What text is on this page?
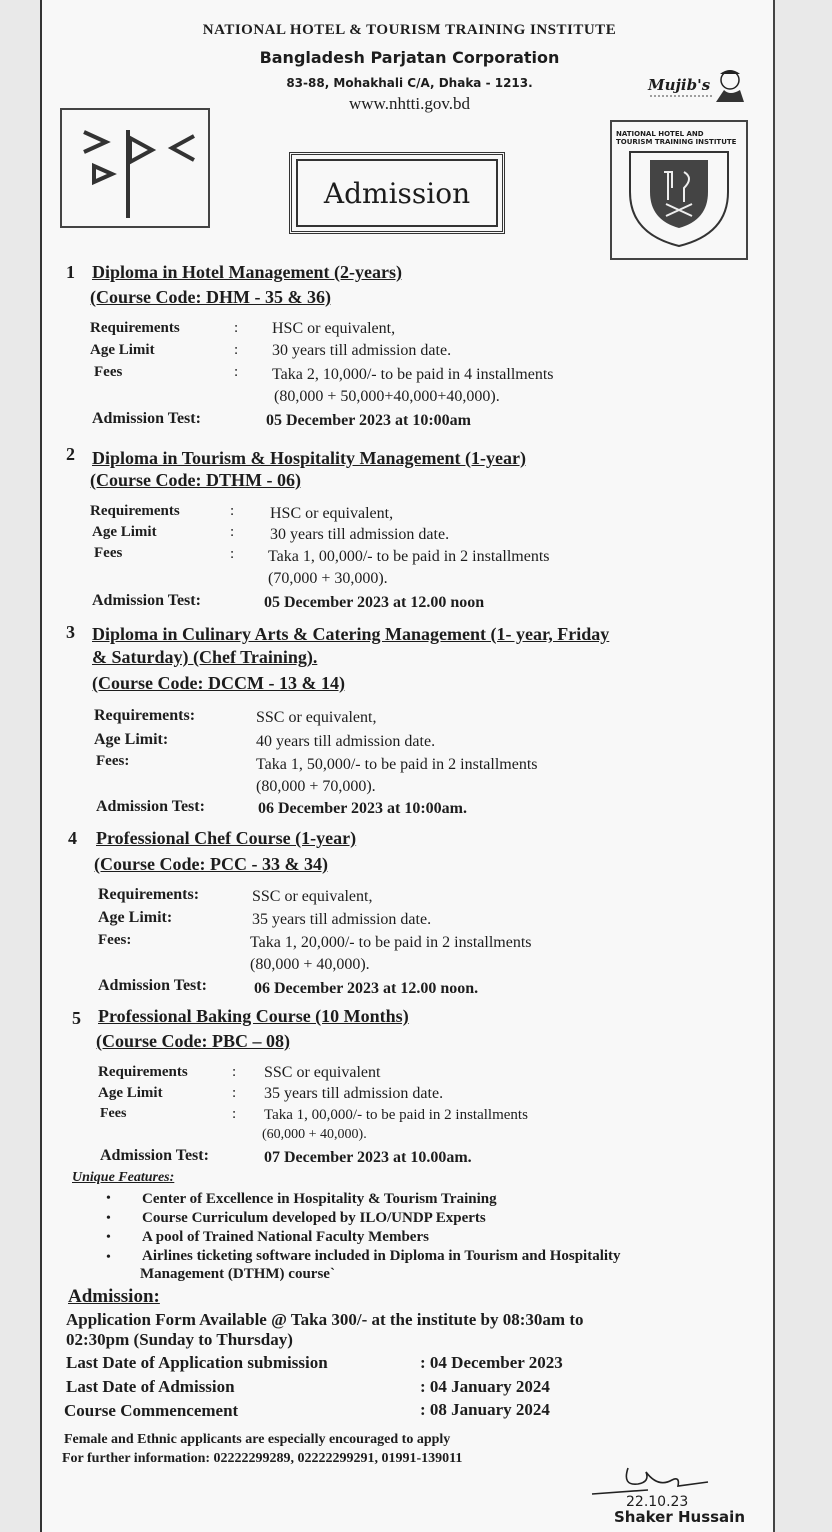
NATIONAL HOTEL & TOURISM TRAINING INSTITUTE
Bangladesh Parjatan Corporation
83-88, Mohakhali C/A, Dhaka - 1213.
www.nhtti.gov.bd
Mujib's
Admission
NATIONAL HOTEL AND TOURISM TRAINING INSTITUTE
1 Diploma in Hotel Management (2-years)
(Course Code: DHM - 35 & 36)
Requirements	: HSC or equivalent,
Age Limit	: 30 years till admission date.
Fees	: Taka 2, 10,000/- to be paid in 4 installments
(80,000 + 50,000+40,000+40,000).
Admission Test:	05 December 2023 at 10:00am
2 Diploma in Tourism & Hospitality Management (1-year)
(Course Code: DTHM - 06)
Requirements	: HSC or equivalent,
Age Limit	: 30 years till admission date.
Fees	: Taka 1, 00,000/- to be paid in 2 installments
(70,000 + 30,000).
Admission Test:	05 December 2023 at 12.00 noon
3 Diploma in Culinary Arts & Catering Management (1- year, Friday
& Saturday) (Chef Training).
(Course Code: DCCM - 13 & 14)
Requirements:	SSC or equivalent,
Age Limit:	40 years till admission date.
Fees:	Taka 1, 50,000/- to be paid in 2 installments
(80,000 + 70,000).
Admission Test:	06 December 2023 at 10:00am.
4 Professional Chef Course (1-year)
(Course Code: PCC - 33 & 34)
Requirements:	SSC or equivalent,
Age Limit:	35 years till admission date.
Fees:	Taka 1, 20,000/- to be paid in 2 installments
(80,000 + 40,000).
Admission Test:	06 December 2023 at 12.00 noon.
5 Professional Baking Course (10 Months)
(Course Code: PBC – 08)
Requirements	: SSC or equivalent
Age Limit	: 35 years till admission date.
Fees	: Taka 1, 00,000/- to be paid in 2 installments
(60,000 + 40,000).
Admission Test:	07 December 2023 at 10.00am.
Unique Features:
• Center of Excellence in Hospitality & Tourism Training
• Course Curriculum developed by ILO/UNDP Experts
• A pool of Trained National Faculty Members
• Airlines ticketing software included in Diploma in Tourism and Hospitality
Management (DTHM) course`
Admission:
Application Form Available @ Taka 300/- at the institute by 08:30am to
02:30pm (Sunday to Thursday)
Last Date of Application submission	: 04 December 2023
Last Date of Admission	: 04 January 2024
Course Commencement	: 08 January 2024
Female and Ethnic applicants are especially encouraged to apply
For further information: 02222299289, 02222299291, 01991-139011
22.10.23
Shaker Hussain
